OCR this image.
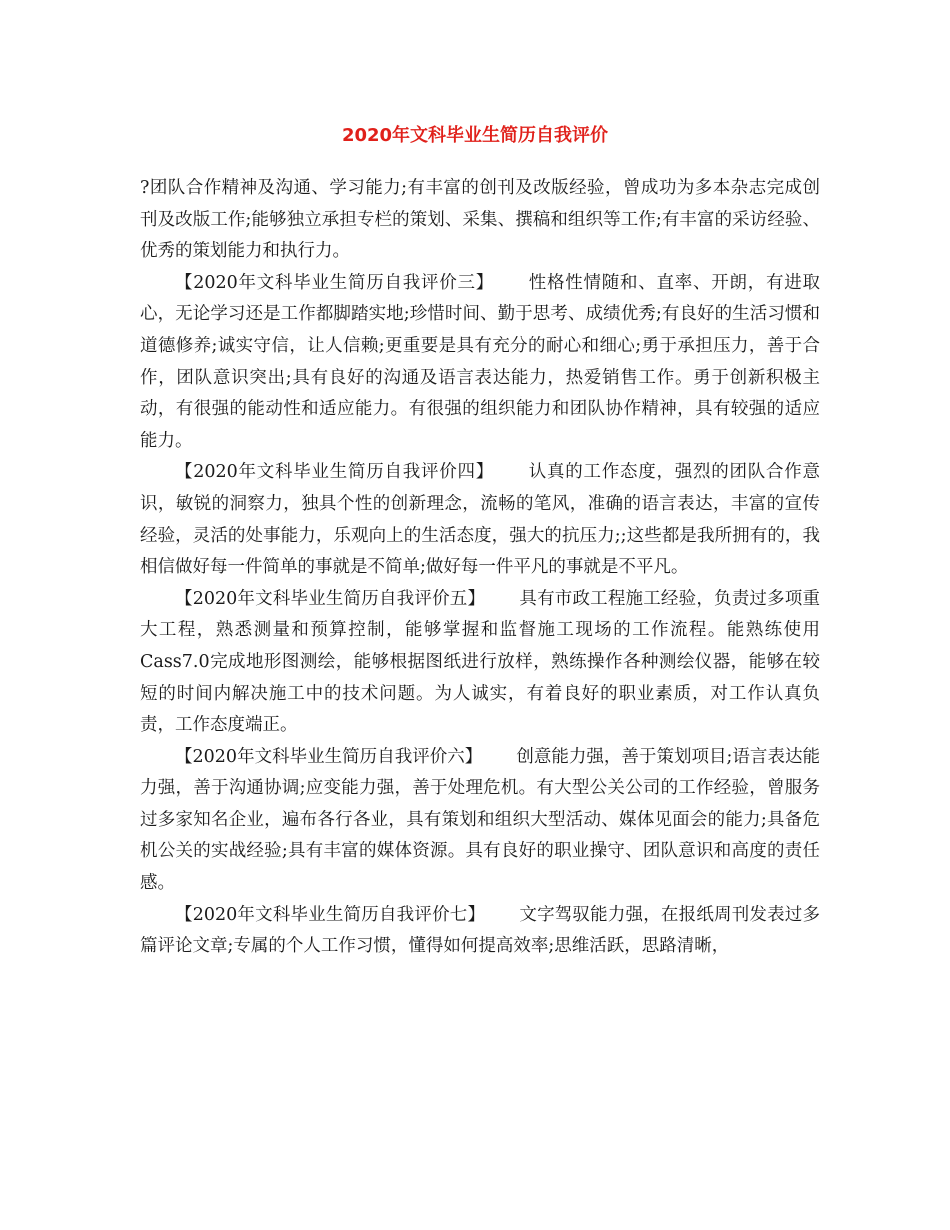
2020年文科毕业生简历自我评价

?团队合作精神及沟通、学习能力;有丰富的创刊及改版经验，曾成功为多本杂志完成创刊及改版工作;能够独立承担专栏的策划、采集、撰稿和组织等工作;有丰富的采访经验、优秀的策划能力和执行力。

【2020年文科毕业生简历自我评价三】 性格性情随和、直率、开朗，有进取心，无论学习还是工作都脚踏实地;珍惜时间、勤于思考、成绩优秀;有良好的生活习惯和道德修养;诚实守信，让人信赖;更重要是具有充分的耐心和细心;勇于承担压力，善于合作，团队意识突出;具有良好的沟通及语言表达能力，热爱销售工作。勇于创新积极主动，有很强的能动性和适应能力。有很强的组织能力和团队协作精神，具有较强的适应能力。

【2020年文科毕业生简历自我评价四】 认真的工作态度，强烈的团队合作意识，敏锐的洞察力，独具个性的创新理念，流畅的笔风，准确的语言表达，丰富的宣传经验，灵活的处事能力，乐观向上的生活态度，强大的抗压力;;这些都是我所拥有的，我相信做好每一件简单的事就是不简单;做好每一件平凡的事就是不平凡。

【2020年文科毕业生简历自我评价五】 具有市政工程施工经验，负责过多项重大工程，熟悉测量和预算控制，能够掌握和监督施工现场的工作流程。能熟练使用Cass7.0完成地形图测绘，能够根据图纸进行放样，熟练操作各种测绘仪器，能够在较短的时间内解决施工中的技术问题。为人诚实，有着良好的职业素质，对工作认真负责，工作态度端正。

【2020年文科毕业生简历自我评价六】 创意能力强，善于策划项目;语言表达能力强，善于沟通协调;应变能力强，善于处理危机。有大型公关公司的工作经验，曾服务过多家知名企业，遍布各行各业，具有策划和组织大型活动、媒体见面会的能力;具备危机公关的实战经验;具有丰富的媒体资源。具有良好的职业操守、团队意识和高度的责任感。

【2020年文科毕业生简历自我评价七】 文字驾驭能力强，在报纸周刊发表过多篇评论文章;专属的个人工作习惯，懂得如何提高效率;思维活跃，思路清晰，
